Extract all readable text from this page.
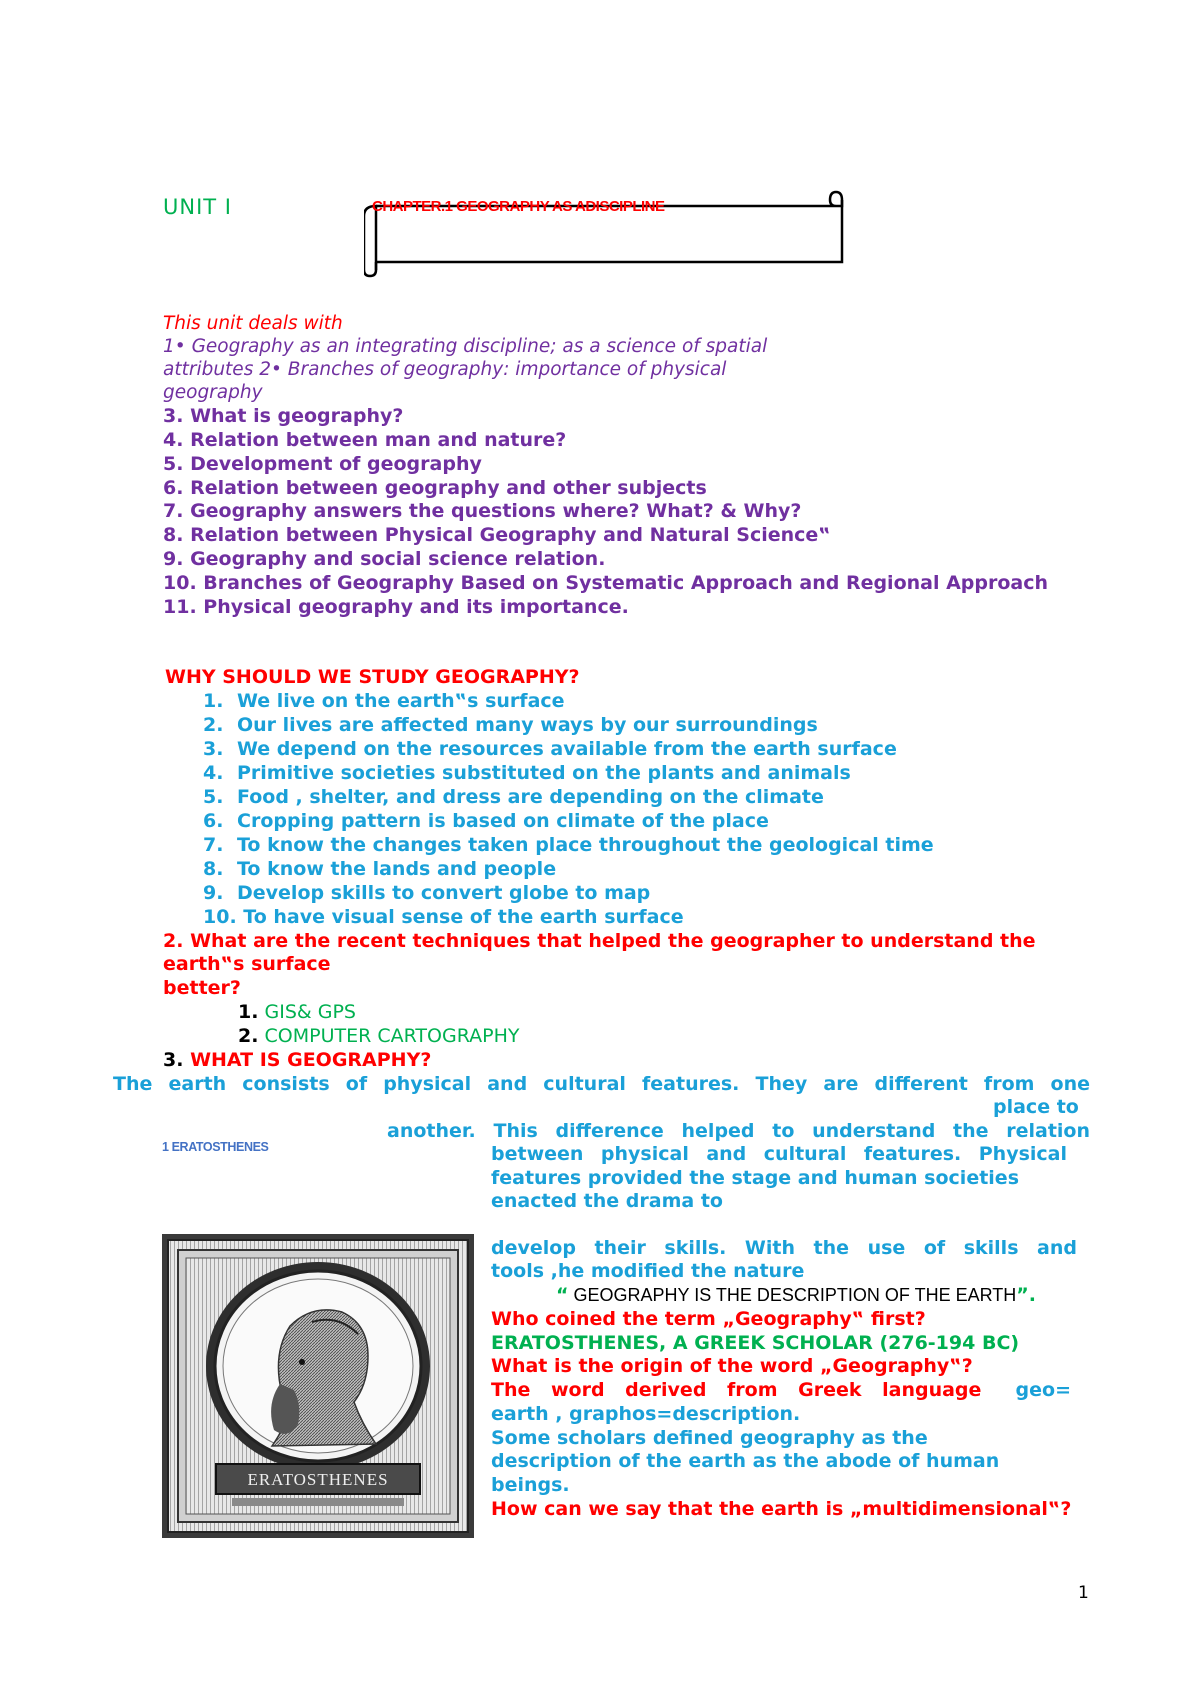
UNIT I	CHAPTER.1 GEOGRAPHY AS ADISCIPLINE
This unit deals with
1• Geography as an integrating discipline; as a science of spatial
attributes 2• Branches of geography: importance of physical
geography
3. What is geography?
4. Relation between man and nature?
5. Development of geography
6. Relation between geography and other subjects
7. Geography answers the questions where? What? & Why?
8. Relation between Physical Geography and Natural Science‟
9. Geography and social science relation.
10. Branches of Geography Based on Systematic Approach and Regional Approach
11. Physical geography and its importance.
WHY SHOULD WE STUDY GEOGRAPHY?
1. We live on the earth‟s surface
2. Our lives are affected many ways by our surroundings
3. We depend on the resources available from the earth surface
4. Primitive societies substituted on the plants and animals
5. Food , shelter, and dress are depending on the climate
6. Cropping pattern is based on climate of the place
7. To know the changes taken place throughout the geological time
8. To know the lands and people
9. Develop skills to convert globe to map
10. To have visual sense of the earth surface
2. What are the recent techniques that helped the geographer to understand the
earth‟s surface
better?
1. GIS& GPS
2. COMPUTER CARTOGRAPHY
3. WHAT IS GEOGRAPHY?
The earth consists of physical and cultural features. They are different from one
place to
another. This difference helped to understand the relation
between physical and cultural features. Physical
features provided the stage and human societies
enacted the drama to
1 ERATOSTHENES
ERATOSTHENES
develop their skills. With the use of skills and
tools ,he modified the nature
“ GEOGRAPHY IS THE DESCRIPTION OF THE EARTH”.
Who coined the term „Geography‟ first?
ERATOSTHENES, A GREEK SCHOLAR (276-194 BC)
What is the origin of the word „Geography‟?
The word derived from Greek language geo=
earth , graphos=description.
Some scholars defined geography as the
description of the earth as the abode of human
beings.
How can we say that the earth is „multidimensional‟?
1
